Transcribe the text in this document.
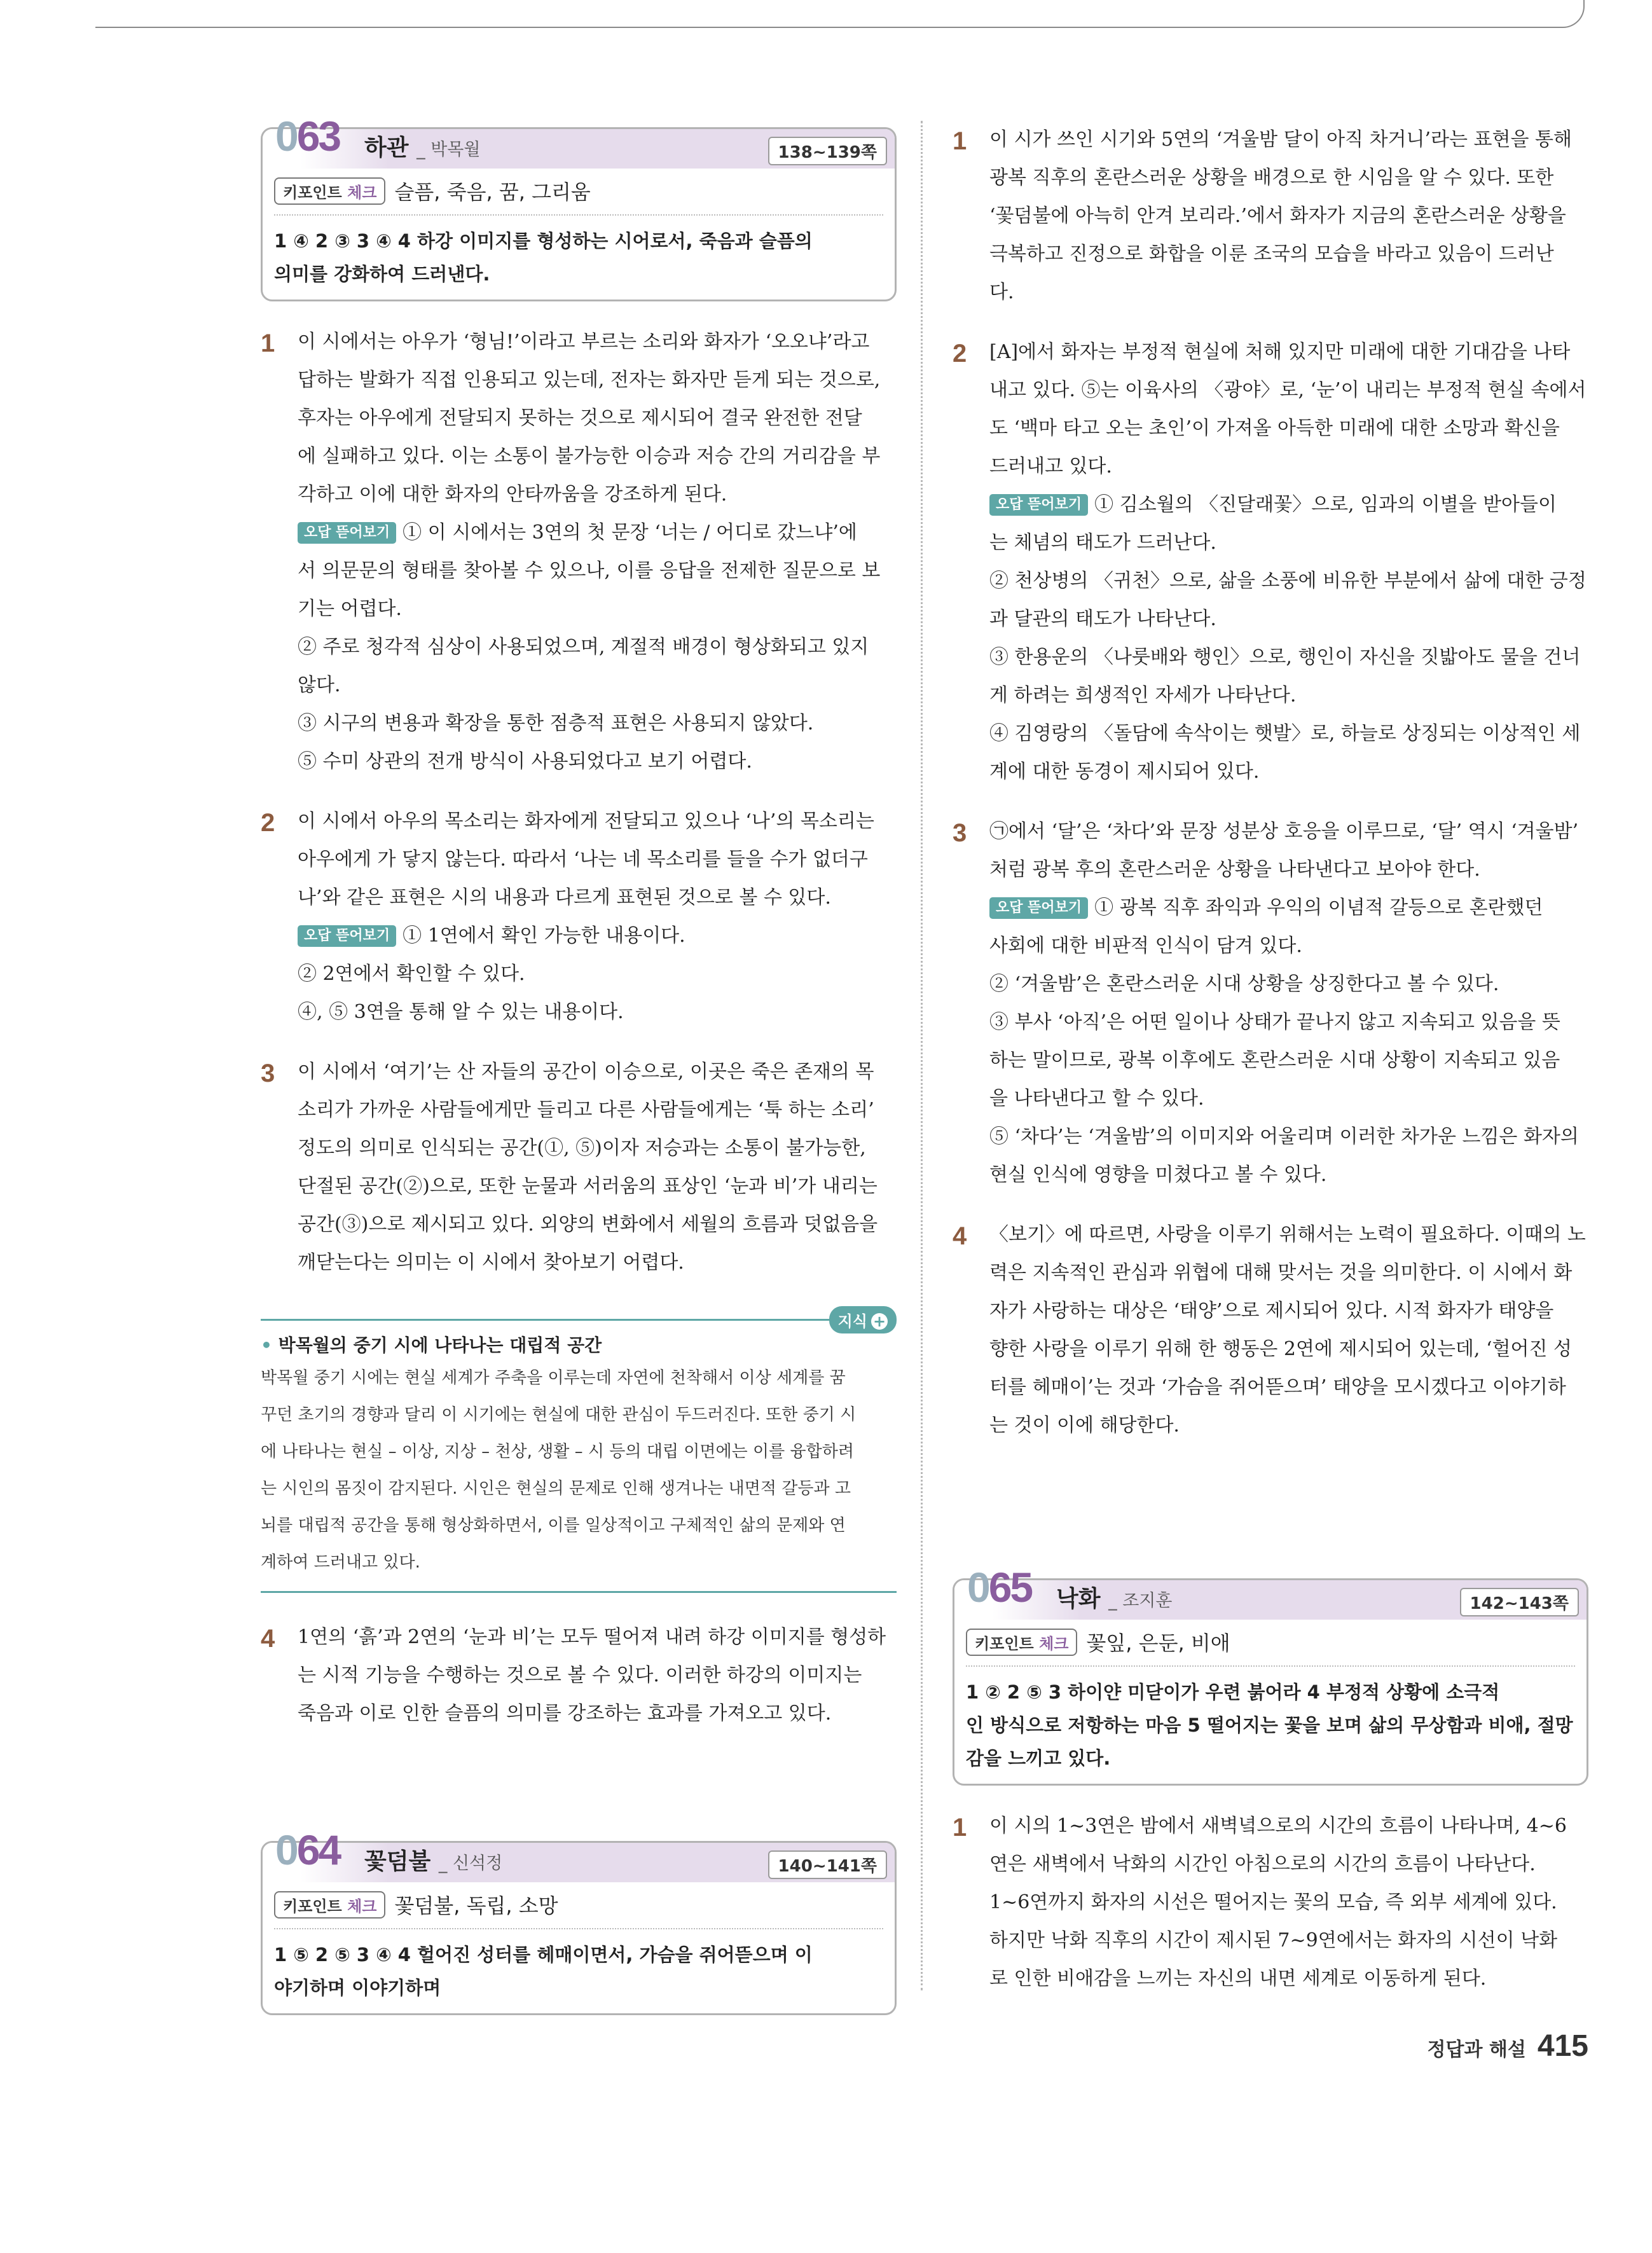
063 하관 _ 박목월	138~139쪽
키포인트 체크 슬픔, 죽음, 꿈, 그리움
1 ④ 2 ③ 3 ④ 4 하강 이미지를 형성하는 시어로서, 죽음과 슬픔의
의미를 강화하여 드러낸다.
1 이 시에서는 아우가 ‘형님!’이라고 부르는 소리와 화자가 ‘오오냐’라고

답하는 발화가 직접 인용되고 있는데, 전자는 화자만 듣게 되는 것으로,

후자는 아우에게 전달되지 못하는 것으로 제시되어 결국 완전한 전달

에 실패하고 있다. 이는 소통이 불가능한 이승과 저승 간의 거리감을 부

각하고 이에 대한 화자의 안타까움을 강조하게 된다.

오답 뜯어보기 ① 이 시에서는 3연의 첫 문장 ‘너는 / 어디로 갔느냐’에

서 의문문의 형태를 찾아볼 수 있으나, 이를 응답을 전제한 질문으로 보

기는 어렵다.

② 주로 청각적 심상이 사용되었으며, 계절적 배경이 형상화되고 있지

않다.

③ 시구의 변용과 확장을 통한 점층적 표현은 사용되지 않았다.

⑤ 수미 상관의 전개 방식이 사용되었다고 보기 어렵다.

2 이 시에서 아우의 목소리는 화자에게 전달되고 있으나 ‘나’의 목소리는

아우에게 가 닿지 않는다. 따라서 ‘나는 네 목소리를 들을 수가 없더구

나’와 같은 표현은 시의 내용과 다르게 표현된 것으로 볼 수 있다.

오답 뜯어보기 ① 1연에서 확인 가능한 내용이다.

② 2연에서 확인할 수 있다.

④, ⑤ 3연을 통해 알 수 있는 내용이다.

3 이 시에서 ‘여기’는 산 자들의 공간이 이승으로, 이곳은 죽은 존재의 목

소리가 가까운 사람들에게만 들리고 다른 사람들에게는 ‘툭 하는 소리’

정도의 의미로 인식되는 공간(①, ⑤)이자 저승과는 소통이 불가능한,

단절된 공간(②)으로, 또한 눈물과 서러움의 표상인 ‘눈과 비’가 내리는

공간(③)으로 제시되고 있다. 외양의 변화에서 세월의 흐름과 덧없음을

깨닫는다는 의미는 이 시에서 찾아보기 어렵다.

지식 +
• 박목월의 중기 시에 나타나는 대립적 공간
박목월 중기 시에는 현실 세계가 주축을 이루는데 자연에 천착해서 이상 세계를 꿈
꾸던 초기의 경향과 달리 이 시기에는 현실에 대한 관심이 두드러진다. 또한 중기 시
에 나타나는 현실 – 이상, 지상 – 천상, 생활 – 시 등의 대립 이면에는 이를 융합하려
는 시인의 몸짓이 감지된다. 시인은 현실의 문제로 인해 생겨나는 내면적 갈등과 고
뇌를 대립적 공간을 통해 형상화하면서, 이를 일상적이고 구체적인 삶의 문제와 연
계하여 드러내고 있다.
4 1연의 ‘흙’과 2연의 ‘눈과 비’는 모두 떨어져 내려 하강 이미지를 형성하

는 시적 기능을 수행하는 것으로 볼 수 있다. 이러한 하강의 이미지는

죽음과 이로 인한 슬픔의 의미를 강조하는 효과를 가져오고 있다.

064 꽃덤불 _ 신석정	140~141쪽
키포인트 체크 꽃덤불, 독립, 소망
1 ⑤ 2 ⑤ 3 ④ 4 헐어진 성터를 헤매이면서, 가슴을 쥐어뜯으며 이
야기하며 이야기하며
1 이 시가 쓰인 시기와 5연의 ‘겨울밤 달이 아직 차거니’라는 표현을 통해

광복 직후의 혼란스러운 상황을 배경으로 한 시임을 알 수 있다. 또한

‘꽃덤불에 아늑히 안겨 보리라.’에서 화자가 지금의 혼란스러운 상황을

극복하고 진정으로 화합을 이룬 조국의 모습을 바라고 있음이 드러난

다.

2 [A]에서 화자는 부정적 현실에 처해 있지만 미래에 대한 기대감을 나타

내고 있다. ⑤는 이육사의 〈광야〉로, ‘눈’이 내리는 부정적 현실 속에서

도 ‘백마 타고 오는 초인’이 가져올 아득한 미래에 대한 소망과 확신을

드러내고 있다.

오답 뜯어보기 ① 김소월의 〈진달래꽃〉으로, 임과의 이별을 받아들이

는 체념의 태도가 드러난다.

② 천상병의 〈귀천〉으로, 삶을 소풍에 비유한 부분에서 삶에 대한 긍정

과 달관의 태도가 나타난다.

③ 한용운의 〈나룻배와 행인〉으로, 행인이 자신을 짓밟아도 물을 건너

게 하려는 희생적인 자세가 나타난다.

④ 김영랑의 〈돌담에 속삭이는 햇발〉로, 하늘로 상징되는 이상적인 세

계에 대한 동경이 제시되어 있다.

3 ㉠에서 ‘달’은 ‘차다’와 문장 성분상 호응을 이루므로, ‘달’ 역시 ‘겨울밤’

처럼 광복 후의 혼란스러운 상황을 나타낸다고 보아야 한다.

오답 뜯어보기 ① 광복 직후 좌익과 우익의 이념적 갈등으로 혼란했던

사회에 대한 비판적 인식이 담겨 있다.

② ‘겨울밤’은 혼란스러운 시대 상황을 상징한다고 볼 수 있다.

③ 부사 ‘아직’은 어떤 일이나 상태가 끝나지 않고 지속되고 있음을 뜻

하는 말이므로, 광복 이후에도 혼란스러운 시대 상황이 지속되고 있음

을 나타낸다고 할 수 있다.

⑤ ‘차다’는 ‘겨울밤’의 이미지와 어울리며 이러한 차가운 느낌은 화자의

현실 인식에 영향을 미쳤다고 볼 수 있다.

4 〈보기〉에 따르면, 사랑을 이루기 위해서는 노력이 필요하다. 이때의 노

력은 지속적인 관심과 위협에 대해 맞서는 것을 의미한다. 이 시에서 화

자가 사랑하는 대상은 ‘태양’으로 제시되어 있다. 시적 화자가 태양을

향한 사랑을 이루기 위해 한 행동은 2연에 제시되어 있는데, ‘헐어진 성

터를 헤매이’는 것과 ‘가슴을 쥐어뜯으며’ 태양을 모시겠다고 이야기하

는 것이 이에 해당한다.

065 낙화 _ 조지훈	142~143쪽
키포인트 체크 꽃잎, 은둔, 비애
1 ② 2 ⑤ 3 하이얀 미닫이가 우련 붉어라 4 부정적 상황에 소극적
인 방식으로 저항하는 마음 5 떨어지는 꽃을 보며 삶의 무상함과 비애, 절망
감을 느끼고 있다.
1 이 시의 1~3연은 밤에서 새벽녘으로의 시간의 흐름이 나타나며, 4~6

연은 새벽에서 낙화의 시간인 아침으로의 시간의 흐름이 나타난다.

1~6연까지 화자의 시선은 떨어지는 꽃의 모습, 즉 외부 세계에 있다.

하지만 낙화 직후의 시간이 제시된 7~9연에서는 화자의 시선이 낙화

로 인한 비애감을 느끼는 자신의 내면 세계로 이동하게 된다.

정답과 해설 415
